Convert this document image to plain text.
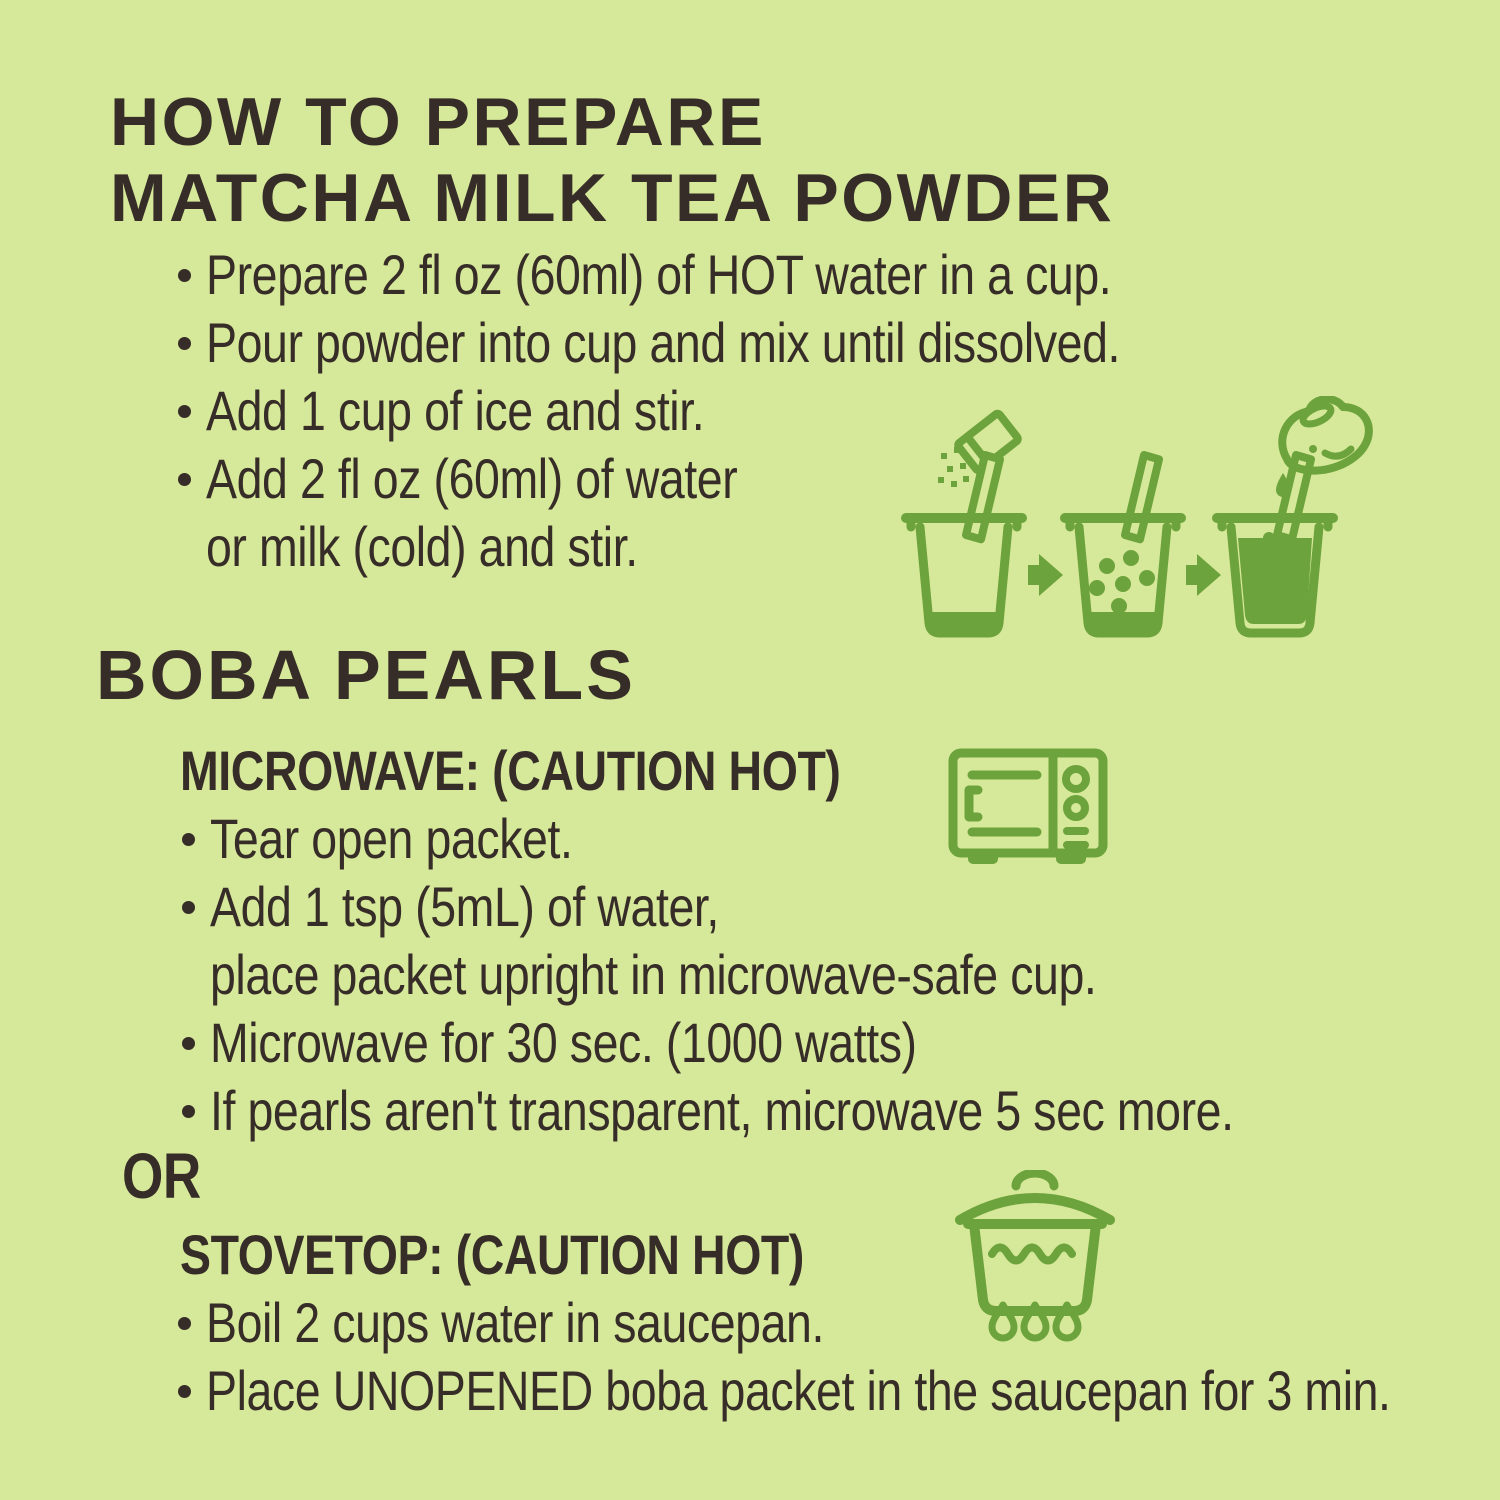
HOW TO PREPARE
MATCHA MILK TEA POWDER
Prepare 2 fl oz (60ml) of HOT water in a cup.
Pour powder into cup and mix until dissolved.
Add 1 cup of ice and stir.
Add 2 fl oz (60ml) of water
or milk (cold) and stir.
BOBA PEARLS
MICROWAVE: (CAUTION HOT)
Tear open packet.
Add 1 tsp (5mL) of water,
place packet upright in microwave-safe cup.
Microwave for 30 sec. (1000 watts)
If pearls aren't transparent, microwave 5 sec more.
OR
STOVETOP: (CAUTION HOT)
Boil 2 cups water in saucepan.
Place UNOPENED boba packet in the saucepan for 3 min.
